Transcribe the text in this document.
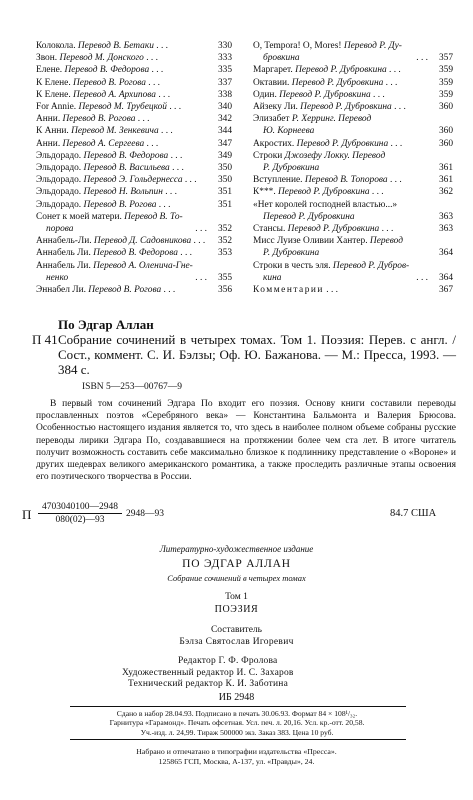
Колокола. Перевод В. Бетаки . . .	330
Звон. Перевод М. Донского . . .	333
Елене. Перевод В. Федорова . . .	335
К Елене. Перевод В. Рогова . . .	337
К Елене. Перевод А. Архипова . . .	338
For Annie. Перевод М. Трубецкой . . .	340
Анни. Перевод В. Рогова . . .	342
К Анни. Перевод М. Зенкевича . . .	344
Анни. Перевод А. Сергеева . . .	347
Эльдорадо. Перевод В. Федорова . . .	349
Эльдорадо. Перевод В. Васильева . . .	350
Эльдорадо. Перевод Э. Гольдернесса . . .	350
Эльдорадо. Перевод Н. Вольпин . . .	351
Эльдорадо. Перевод В. Рогова . . .	351
Сонет к моей матери. Перевод В. То-
порова	. . .	352
Аннабель-Ли. Перевод Д. Садовникова . . .	352
Аннабель Ли. Перевод В. Федорова . . .	353
Аннабель Ли. Перевод А. Оленича-Гне-
ненко	. . .	355
Эннабел Ли. Перевод В. Рогова . . .	356
O, Tempora! O, Mores! Перевод Р. Ду-
бровкина	. . .	357
Маргарет. Перевод Р. Дубровкина . . .	359
Октавии. Перевод Р. Дубровкина . . .	359
Один. Перевод Р. Дубровкина . . .	359
Айзеку Ли. Перевод Р. Дубровкина . . .	360
Элизабет Р. Херринг. Перевод
Ю. Корнеева	360
Акростих. Перевод Р. Дубровкина . . .	360
Строки Джозефу Локку. Перевод
Р. Дубровкина	361
Вступление. Перевод В. Топорова . . .	361
К***. Перевод Р. Дубровкина . . .	362
«Нет королей господней властью...»
Перевод Р. Дубровкина	363
Стансы. Перевод Р. Дубровкина . . .	363
Мисс Луизе Оливии Хантер. Перевод
Р. Дубровкина	364
Строки в честь эля. Перевод Р. Дубров-
кина	. . .	364
Комментарии . . .	367
По Эдгар Аллан
П 41 Собрание сочинений в четырех томах. Том 1. Поэзия: Перев. с англ. / Сост., коммент. С. И. Бэлзы; Оф. Ю. Бажанова. — М.: Пресса, 1993. — 384 с.
ISBN 5—253—00767—9
В первый том сочинений Эдгара По входит его поэзия. Основу книги составили переводы прославленных поэтов «Серебряного века» — Константина Бальмонта и Валерия Брюсова. Особенностью настоящего издания является то, что здесь в наиболее полном объеме собраны русские переводы лирики Эдгара По, создававшиеся на протяжении более чем ста лет. В итоге читатель получит возможность составить себе максимально близкое к подлиннику представление о «Вороне» и других шедеврах великого американского романтика, а также проследить различные этапы освоения его поэтического творчества в России.
П $\frac{4703040100—2948}{080(02)—93}$ 2948—93	84.7 США
Литературно-художественное издание
ПО ЭДГАР АЛЛАН
Собрание сочинений в четырех томах
Том 1
ПОЭЗИЯ
Составитель
Бэлза Святослав Игоревич
Редактор Г. Ф. Фролова
Художественный редактор И. С. Захаров
Технический редактор К. И. Заботина
ИБ 2948
Сдано в набор 28.04.93. Подписано в печать 30.06.93. Формат 84 × 108¹/₃₂.
Гарнитура «Гарамонд». Печать офсетная. Усл. печ. л. 20,16. Усл. кр.-отт. 20,58.
Уч.-изд. л. 24,99. Тираж 500000 экз. Заказ 383. Цена 10 руб.
Набрано и отпечатано в типографии издательства «Пресса».
125865 ГСП, Москва, А-137, ул. «Правды», 24.
